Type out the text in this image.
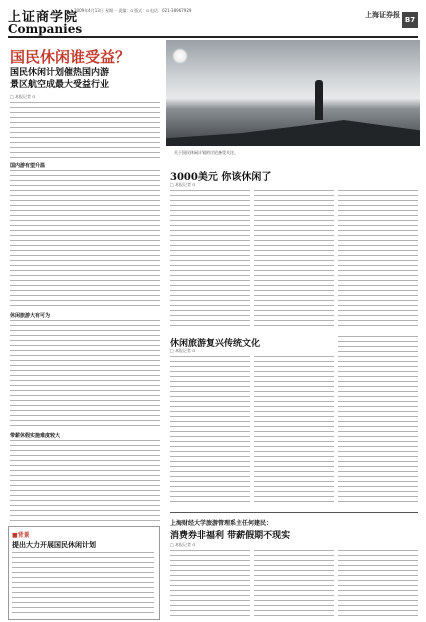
上证商学院
2009年4月13日 星期一 责编：ɑ 版式：ɑ 电话：021-38967929
Companies
上海证券报
B7
国民休闲谁受益？
国民休闲计划催热国内游
景区航空成最大受益行业
□ 本报记者 ɑ
国内游有望升温
休闲旅游大有可为
带薪休假实施难度较大
关于国民休闲计划的讨论备受关注。
3000美元 你该休闲了
□ 本报记者 ɑ
休闲旅游复兴传统文化
□ 本报记者 ɑ
上海财经大学旅游管理系主任何建民：
消费券非福利 带薪假期不现实
□ 本报记者 ɑ
■背景
提出大力开展国民休闲计划
